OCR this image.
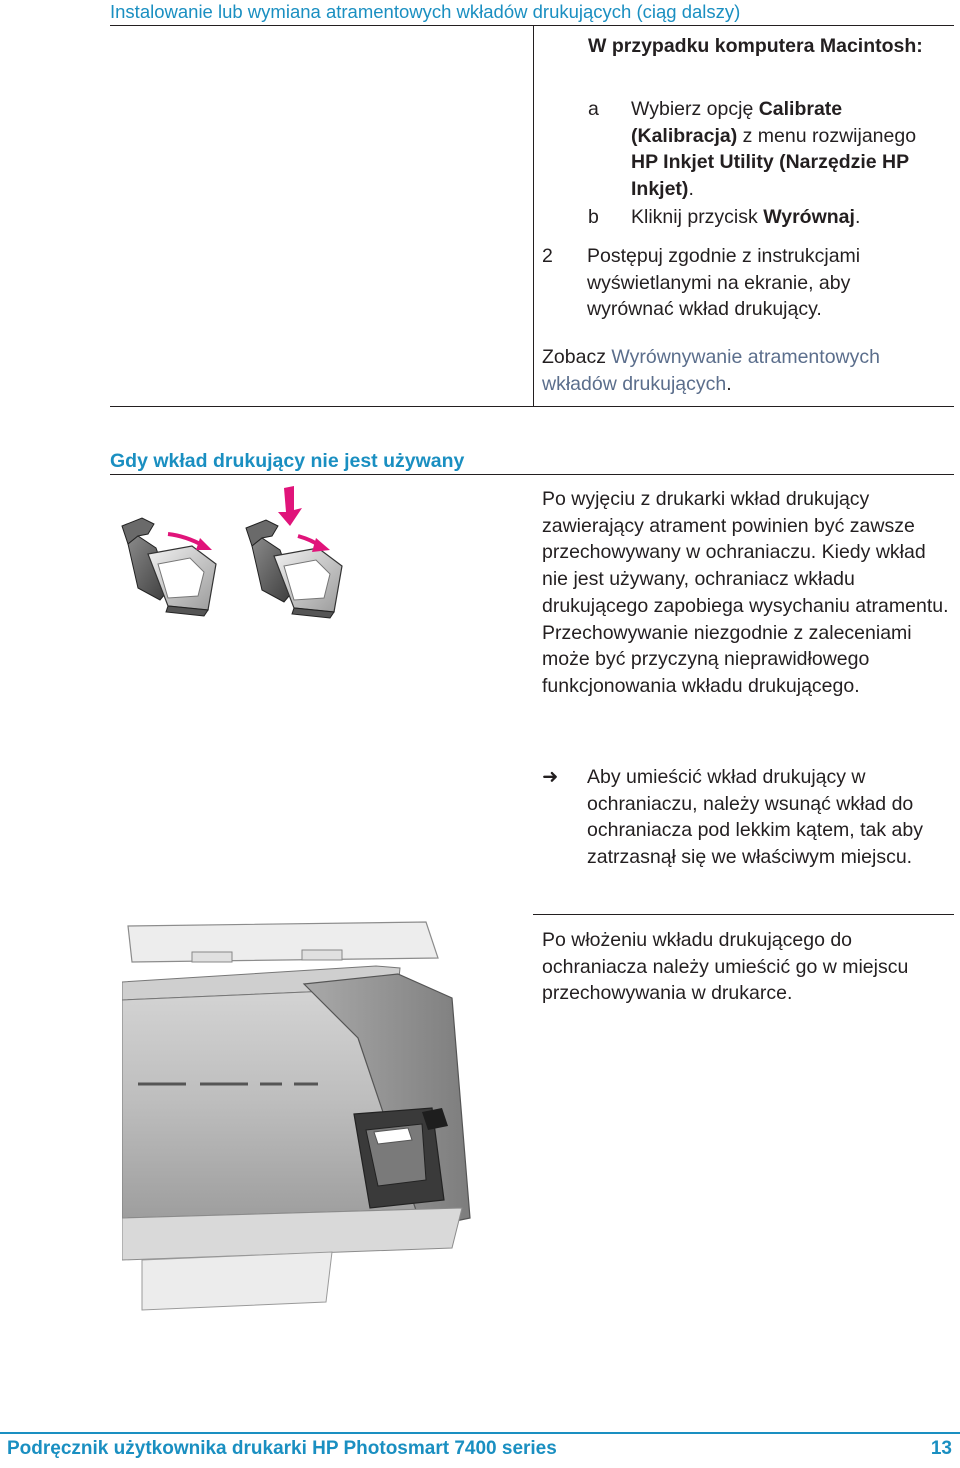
Instalowanie lub wymiana atramentowych wkładów drukujących (ciąg dalszy)
W przypadku komputera Macintosh:
a	Wybierz opcję Calibrate (Kalibracja) z menu rozwijanego HP Inkjet Utility (Narzędzie HP Inkjet).
b	Kliknij przycisk Wyrównaj.
2	Postępuj zgodnie z instrukcjami wyświetlanymi na ekranie, aby wyrównać wkład drukujący.
Zobacz Wyrównywanie atramentowych wkładów drukujących.
Gdy wkład drukujący nie jest używany
Po wyjęciu z drukarki wkład drukujący zawierający atrament powinien być zawsze przechowywany w ochraniaczu. Kiedy wkład nie jest używany, ochraniacz wkładu drukującego zapobiega wysychaniu atramentu. Przechowywanie niezgodnie z zaleceniami może być przyczyną nieprawidłowego funkcjonowania wkładu drukującego.
➜	Aby umieścić wkład drukujący w ochraniaczu, należy wsunąć wkład do ochraniacza pod lekkim kątem, tak aby zatrzasnął się we właściwym miejscu.
Po włożeniu wkładu drukującego do ochraniacza należy umieścić go w miejscu przechowywania w drukarce.
Podręcznik użytkownika drukarki HP Photosmart 7400 series	13
